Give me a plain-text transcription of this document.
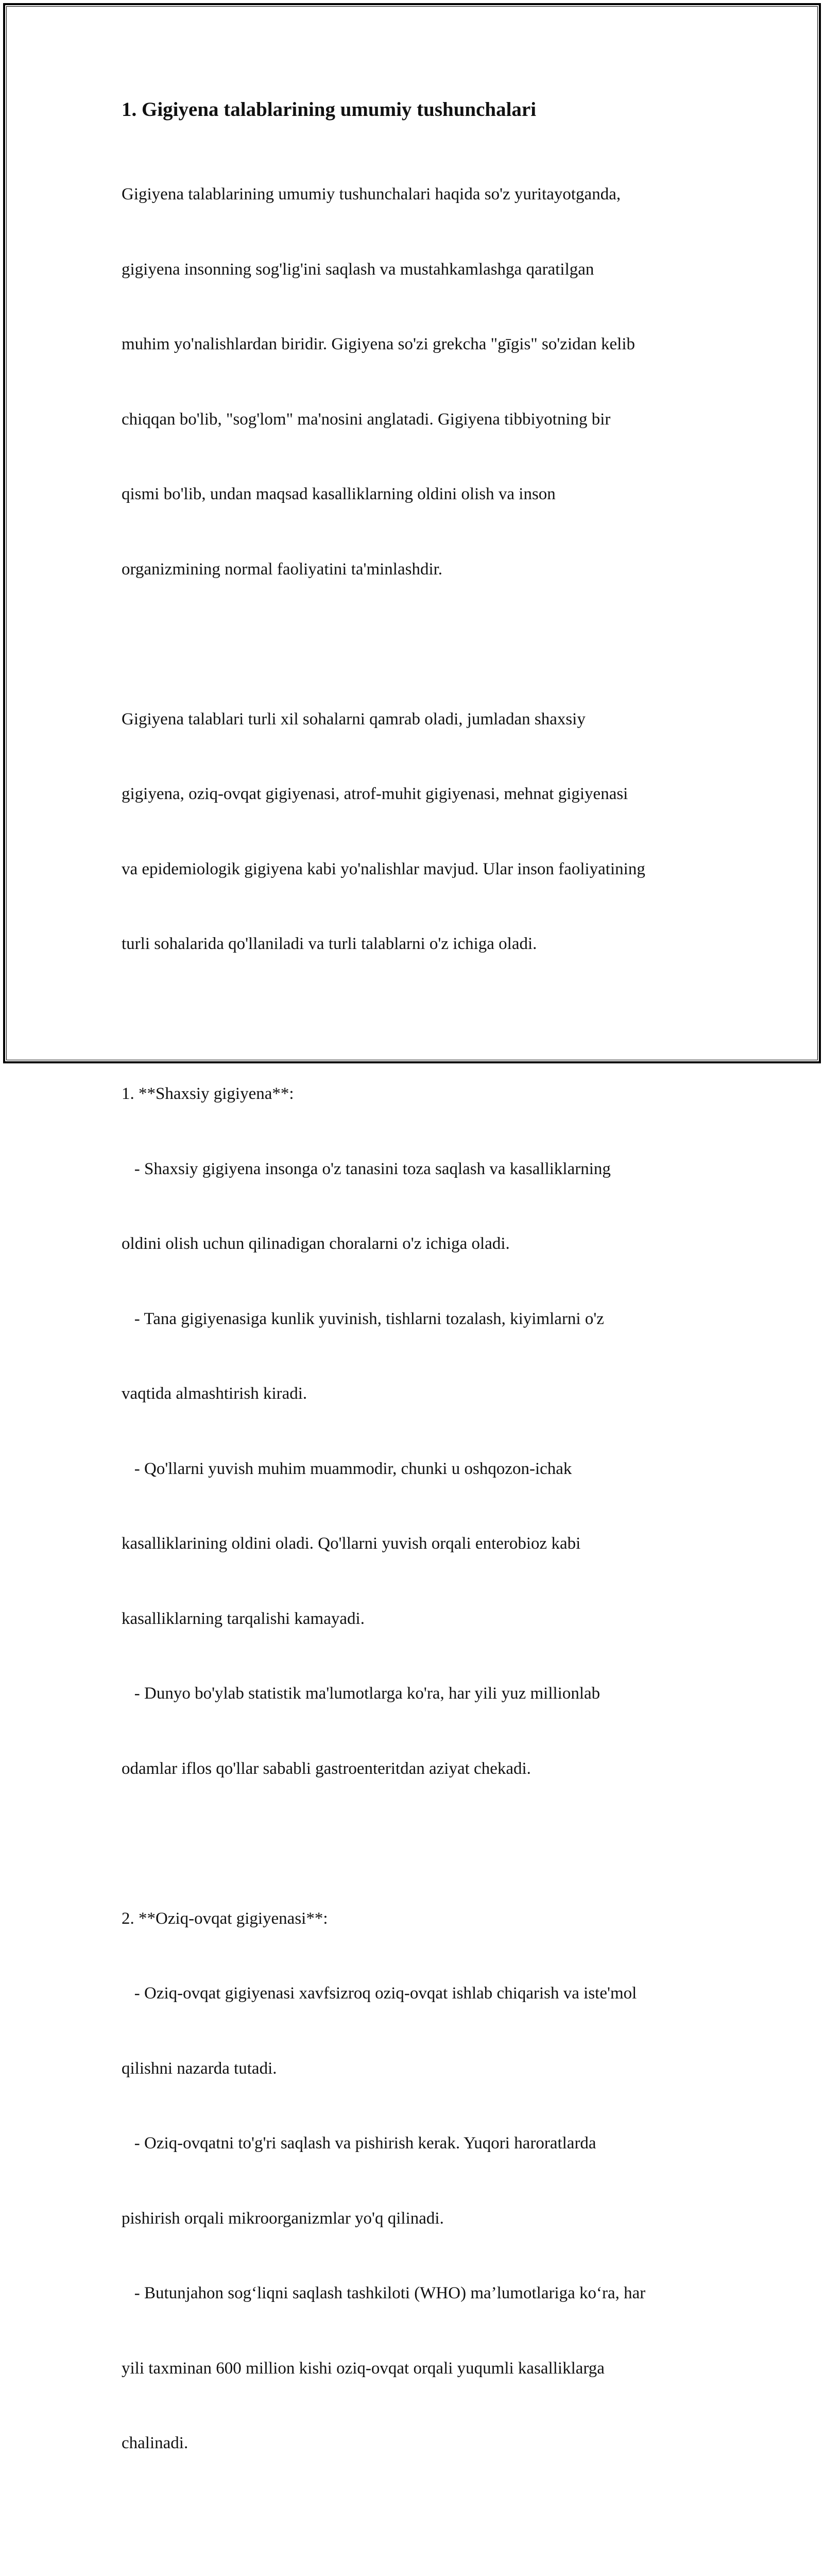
1. Gigiyena talablarining umumiy tushunchalari

Gigiyena talablarining umumiy tushunchalari haqida so'z yuritayotganda,

gigiyena insonning sog'lig'ini saqlash va mustahkamlashga qaratilgan

muhim yo'nalishlardan biridir. Gigiyena so'zi grekcha "gīgis" so'zidan kelib

chiqqan bo'lib, "sog'lom" ma'nosini anglatadi. Gigiyena tibbiyotning bir

qismi bo'lib, undan maqsad kasalliklarning oldini olish va inson

organizmining normal faoliyatini ta'minlashdir.

Gigiyena talablari turli xil sohalarni qamrab oladi, jumladan shaxsiy

gigiyena, oziq-ovqat gigiyenasi, atrof-muhit gigiyenasi, mehnat gigiyenasi

va epidemiologik gigiyena kabi yo'nalishlar mavjud. Ular inson faoliyatining

turli sohalarida qo'llaniladi va turli talablarni o'z ichiga oladi.

1. **Shaxsiy gigiyena**:

- Shaxsiy gigiyena insonga o'z tanasini toza saqlash va kasalliklarning

oldini olish uchun qilinadigan choralarni o'z ichiga oladi.

- Tana gigiyenasiga kunlik yuvinish, tishlarni tozalash, kiyimlarni o'z

vaqtida almashtirish kiradi.

- Qo'llarni yuvish muhim muammodir, chunki u oshqozon-ichak

kasalliklarining oldini oladi. Qo'llarni yuvish orqali enterobioz kabi

kasalliklarning tarqalishi kamayadi.

- Dunyo bo'ylab statistik ma'lumotlarga ko'ra, har yili yuz millionlab

odamlar iflos qo'llar sababli gastroenteritdan aziyat chekadi.

2. **Oziq-ovqat gigiyenasi**:

- Oziq-ovqat gigiyenasi xavfsizroq oziq-ovqat ishlab chiqarish va iste'mol

qilishni nazarda tutadi.

- Oziq-ovqatni to'g'ri saqlash va pishirish kerak. Yuqori haroratlarda

pishirish orqali mikroorganizmlar yo'q qilinadi.

- Butunjahon sog‘liqni saqlash tashkiloti (WHO) ma’lumotlariga ko‘ra, har

yili taxminan 600 million kishi oziq-ovqat orqali yuqumli kasalliklarga

chalinadi.
